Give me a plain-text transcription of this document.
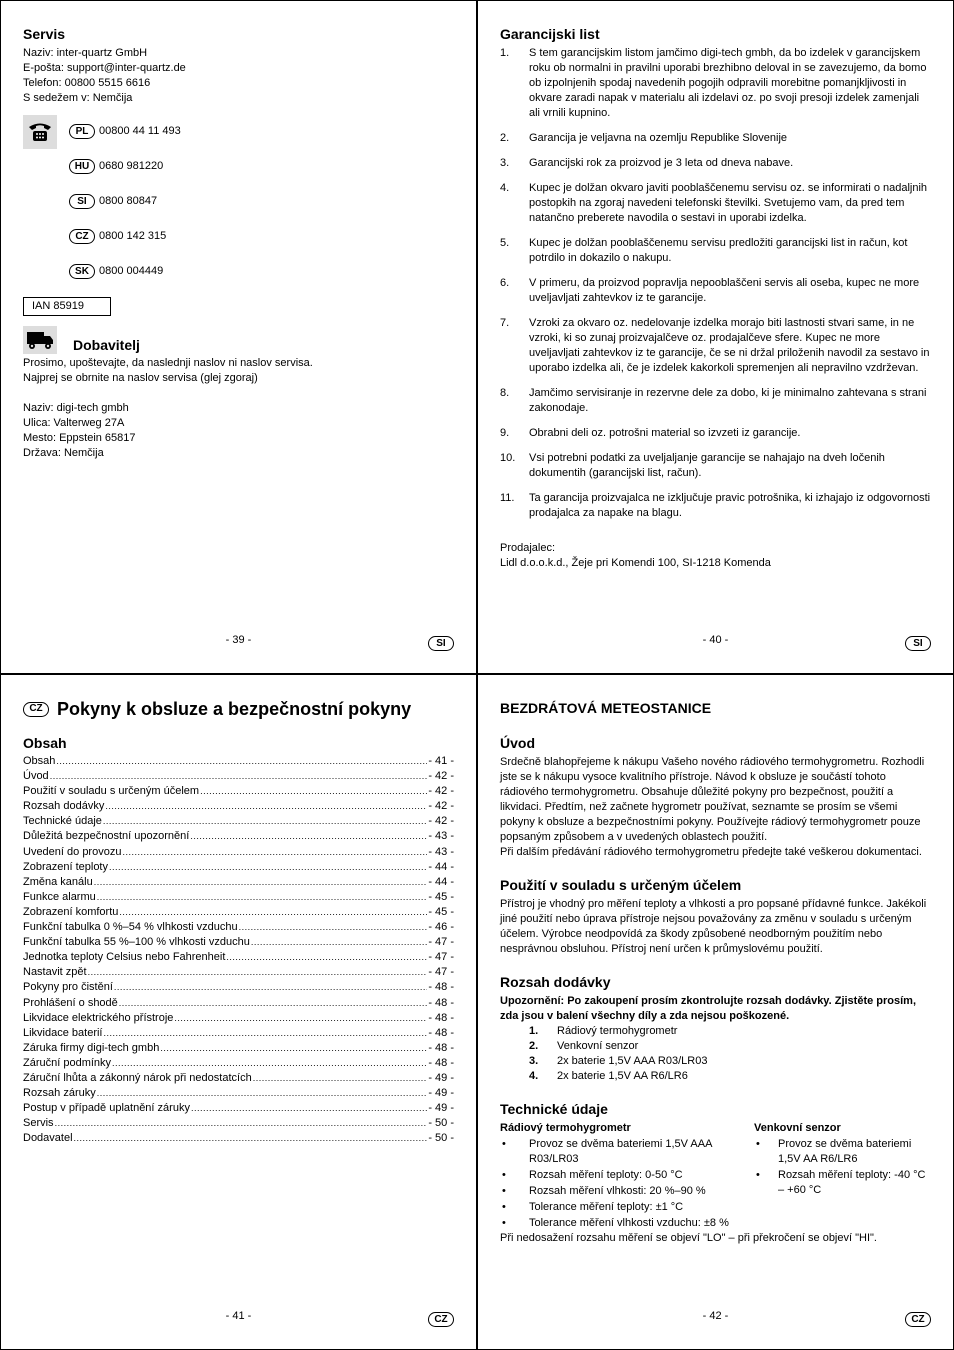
Servis

Naziv: inter-quartz GmbH

E-pošta: support@inter-quartz.de

Telefon: 00800 5515 6616

S sedežem v: Nemčija

PL 00800 44 11 493
HU 0680 981220
SI	0800 80847
CZ 0800 142 315
SK 0800 004449
IAN 85919
Dobavitelj

Prosimo, upoštevajte, da naslednji naslov ni naslov servisa.

Najprej se obrnite na naslov servisa (glej zgoraj)

Naziv: digi-tech gmbh

Ulica: Valterweg 27A

Mesto: Eppstein 65817

Država: Nemčija

- 39 -	SI
Garancijski list
1.	S tem garancijskim listom jamčimo digi-tech gmbh, da bo izdelek v garancijskem roku ob normalni in pravilni uporabi brezhibno deloval in se zavezujemo, da bomo ob izpolnjenih spodaj navedenih pogojih odpravili morebitne pomanjkljivosti in okvare zaradi napak v materialu ali izdelavi oz. po svoji presoji izdelek zamenjali ali vrnili kupnino.
2.	Garancija je veljavna na ozemlju Republike Slovenije
3.	Garancijski rok za proizvod je 3 leta od dneva nabave.
4.	Kupec je dolžan okvaro javiti pooblaščenemu servisu oz. se informirati o nadaljnih postopkih na zgoraj navedeni telefonski številki. Svetujemo vam, da pred tem natančno preberete navodila o sestavi in uporabi izdelka.
5.	Kupec je dolžan pooblaščenemu servisu predložiti garancijski list in račun, kot potrdilo in dokazilo o nakupu.
6.	V primeru, da proizvod popravlja nepooblaščeni servis ali oseba, kupec ne more uveljavljati zahtevkov iz te garancije.
7.	Vzroki za okvaro oz. nedelovanje izdelka morajo biti lastnosti stvari same, in ne vzroki, ki so zunaj proizvajalčeve oz. prodajalčeve sfere. Kupec ne more uveljavljati zahtevkov iz te garancije, če se ni držal priloženih navodil za sestavo in uporabo izdelka ali, če je izdelek kakorkoli spremenjen ali nepravilno vzdrževan.
8.	Jamčimo servisiranje in rezervne dele za dobo, ki je minimalno zahtevana s strani zakonodaje.
9.	Obrabni deli oz. potrošni material so izvzeti iz garancije.
10.	Vsi potrebni podatki za uveljaljanje garancije se nahajajo na dveh ločenih dokumentih (garancijski list, račun).
11.	Ta garancija proizvajalca ne izključuje pravic potrošnika, ki izhajajo iz odgovornosti prodajalca za napake na blagu.

Prodajalec:

Lidl d.o.o.k.d., Žeje pri Komendi 100, SI-1218 Komenda

- 40 -	SI
CZ Pokyny k obsluze a bezpečnostní pokyny
Obsah
Obsah .....	- 41 -
Úvod .....	- 42 -
Použití v souladu s určeným účelem .....	- 42 -
Rozsah dodávky .....	- 42 -
Technické údaje .....	- 42 -
Důležitá bezpečnostní upozornění .....	- 43 -
Uvedení do provozu .....	- 43 -
Zobrazení teploty .....	- 44 -
Změna kanálu .....	- 44 -
Funkce alarmu .....	- 45 -
Zobrazení komfortu .....	- 45 -
Funkční tabulka 0 %–54 % vlhkosti vzduchu .....	- 46 -
Funkční tabulka 55 %–100 % vlhkosti vzduchu .....	- 47 -
Jednotka teploty Celsius nebo Fahrenheit .....	- 47 -
Nastavit zpět .....	- 47 -
Pokyny pro čistění .....	- 48 -
Prohlášení o shodě .....	- 48 -
Likvidace elektrického přístroje .....	- 48 -
Likvidace baterií .....	- 48 -
Záruka firmy digi-tech gmbh .....	- 48 -
Záruční podmínky .....	- 48 -
Záruční lhůta a zákonný nárok při nedostatcích .....	- 49 -
Rozsah záruky .....	- 49 -
Postup v případě uplatnění záruky .....	- 49 -
Servis .....	- 50 -
Dodavatel .....	- 50 -
- 41 -	CZ
BEZDRÁTOVÁ METEOSTANICE
Úvod

Srdečně blahopřejeme k nákupu Vašeho nového rádiového termohygrometru. Rozhodli jste se k nákupu vysoce kvalitního přístroje. Návod k obsluze je součástí tohoto rádiového termohygrometru. Obsahuje důležité pokyny pro bezpečnost, použití a likvidaci. Předtím, než začnete hygrometr používat, seznamte se prosím se všemi pokyny k obsluze a bezpečnostními pokyny. Používejte rádiový termohygrometr pouze popsaným způsobem a v uvedených oblastech použití.

Při dalším předávání rádiového termohygrometru předejte také veškerou dokumentaci.

Použití v souladu s určeným účelem

Přístroj je vhodný pro měření teploty a vlhkosti a pro popsané přídavné funkce. Jakékoli jiné použití nebo úprava přístroje nejsou považovány za změnu v souladu s určeným účelem. Výrobce neodpovídá za škody způsobené neodborným použitím nebo nesprávnou obsluhou. Přístroj není určen k průmyslovému použití.

Rozsah dodávky

Upozornění: Po zakoupení prosím zkontrolujte rozsah dodávky. Zjistěte prosím, zda jsou v balení všechny díly a zda nejsou poškozené.

1.	Rádiový termohygrometr
2.	Venkovní senzor
3.	2x baterie 1,5V AAA R03/LR03
4.	2x baterie 1,5V AA R6/LR6
Technické údaje

Rádiový termohygrometr

•	Provoz se dvěma bateriemi 1,5V AAA R03/LR03
•	Rozsah měření teploty: 0-50 °C
•	Rozsah měření vlhkosti: 20 %–90 %
•	Tolerance měření teploty: ±1 °C
•	Tolerance měření vlhkosti vzduchu: ±8 %

Venkovní senzor

•	Provoz se dvěma bateriemi 1,5V AA R6/LR6
•	Rozsah měření teploty: -40 °C – +60 °C

Při nedosažení rozsahu měření se objeví "LO" – při překročení se objeví "HI".

- 42 -	CZ
